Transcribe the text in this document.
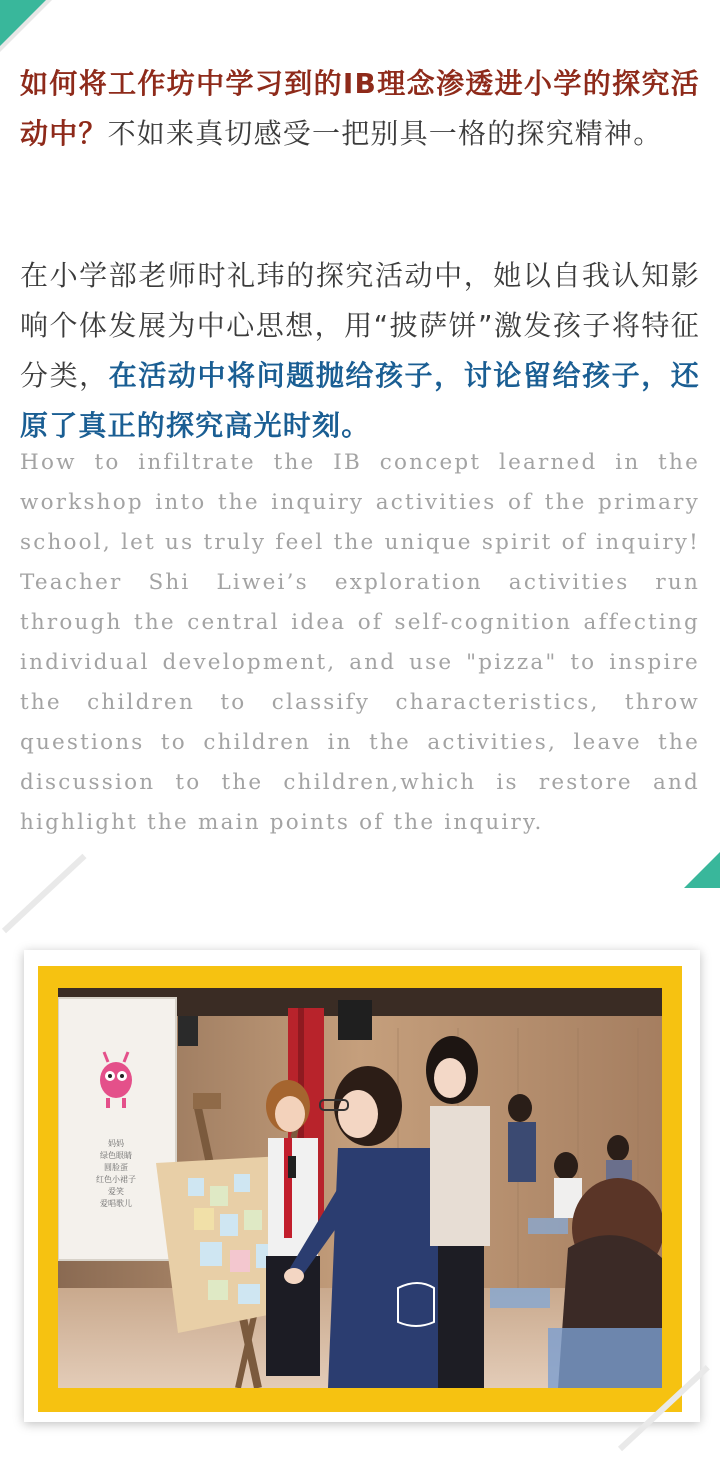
如何将工作坊中学习到的IB理念渗透进小学的探究活动中？不如来真切感受一把别具一格的探究精神。

在小学部老师时礼玮的探究活动中，她以自我认知影响个体发展为中心思想，用“披萨饼”激发孩子将特征分类，在活动中将问题抛给孩子，讨论留给孩子，还原了真正的探究高光时刻。

How to infiltrate the IB concept learned in the workshop into the inquiry activities of the primary school, let us truly feel the unique spirit of inquiry! Teacher Shi Liwei’s exploration activities run through the central idea of self-cognition affecting individual development, and use "pizza" to inspire the children to classify characteristics, throw questions to children in the activities, leave the discussion to the children,which is restore and highlight the main points of the inquiry.

妈妈
绿色眼睛
圆脸蛋
红色小裙子
爱笑
爱唱歌儿
